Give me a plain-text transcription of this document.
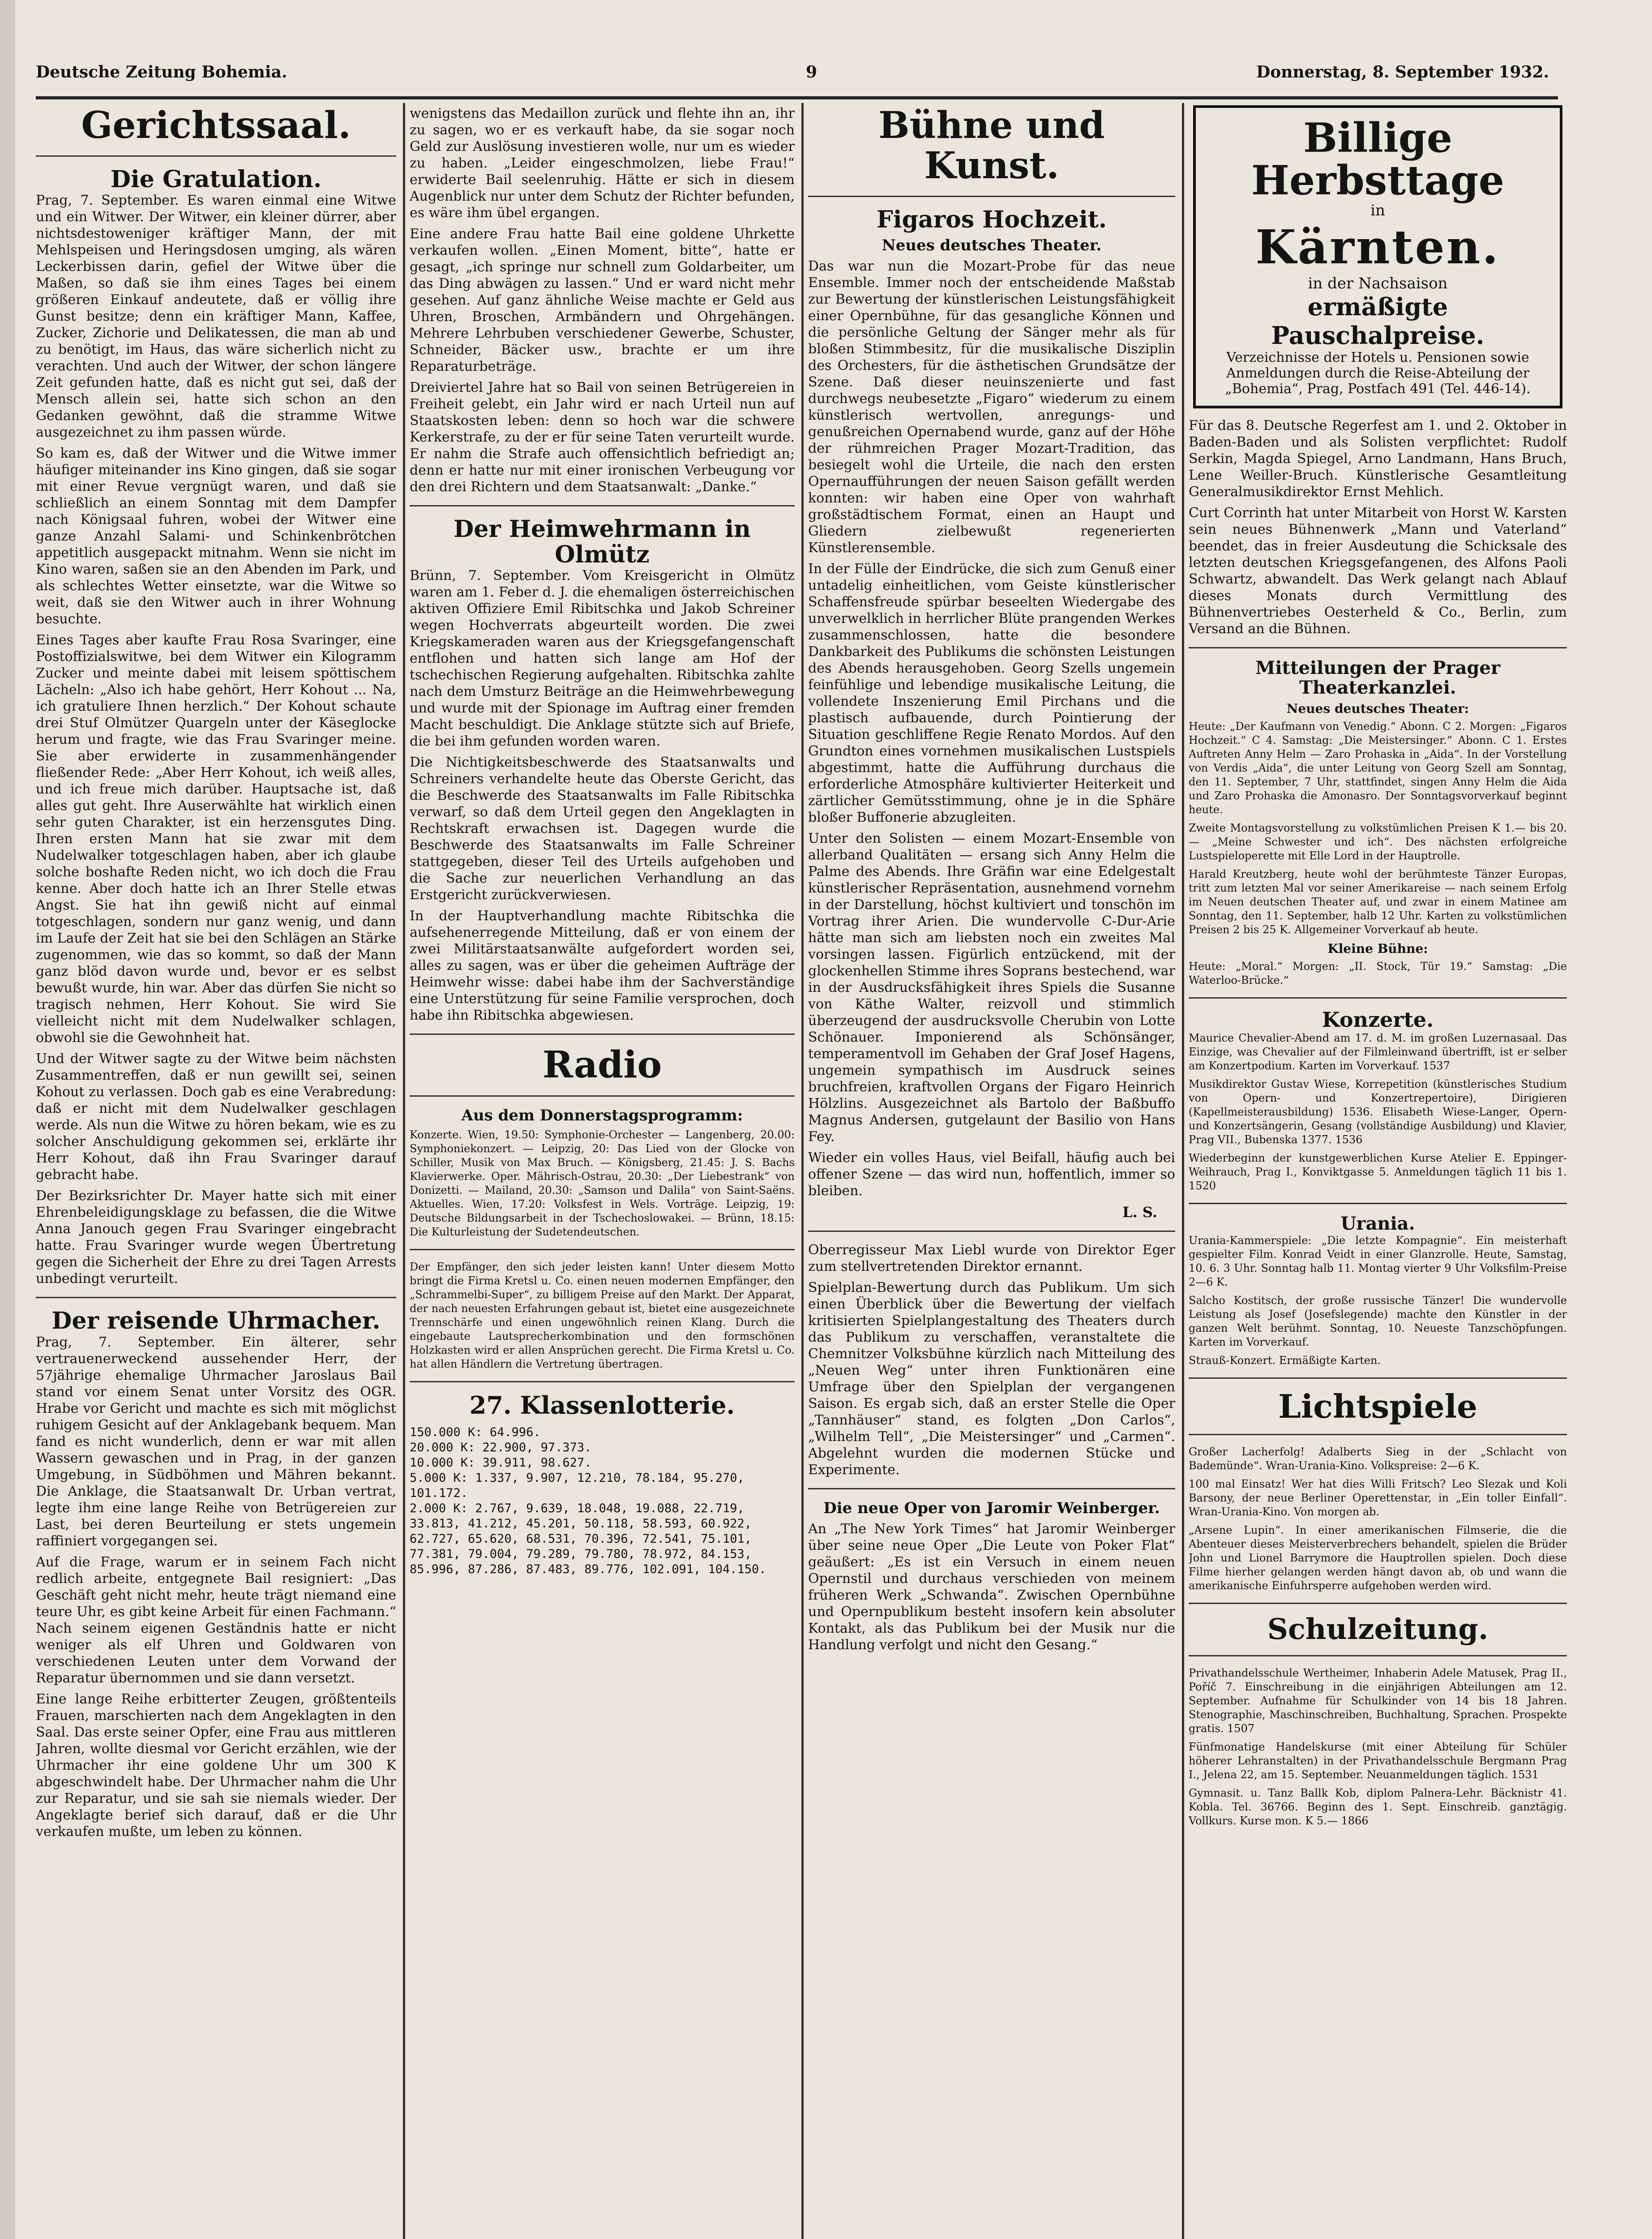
Deutsche Zeitung Bohemia.	9	Donnerstag, 8. September 1932.

Gerichtssaal.

Die Gratulation.

Prag, 7. September. Es waren einmal eine Witwe und ein Witwer. Der Witwer, ein kleiner dürrer, aber nichtsdestoweniger kräftiger Mann, der mit Mehlspeisen und Heringsdosen umging, als wären Leckerbissen darin, gefiel der Witwe über die Maßen, so daß sie ihm eines Tages bei einem größeren Einkauf andeutete, daß er völlig ihre Gunst besitze; denn ein kräftiger Mann, Kaffee, Zucker, Zichorie und Delikatessen, die man ab und zu benötigt, im Haus, das wäre sicherlich nicht zu verachten. Und auch der Witwer, der schon längere Zeit gefunden hatte, daß es nicht gut sei, daß der Mensch allein sei, hatte sich schon an den Gedanken gewöhnt, daß die stramme Witwe ausgezeichnet zu ihm passen würde.

So kam es, daß der Witwer und die Witwe immer häufiger miteinander ins Kino gingen, daß sie sogar mit einer Revue vergnügt waren, und daß sie schließlich an einem Sonntag mit dem Dampfer nach Königsaal fuhren, wobei der Witwer eine ganze Anzahl Salami- und Schinkenbrötchen appetitlich ausgepackt mitnahm. Wenn sie nicht im Kino waren, saßen sie an den Abenden im Park, und als schlechtes Wetter einsetzte, war die Witwe so weit, daß sie den Witwer auch in ihrer Wohnung besuchte.

Eines Tages aber kaufte Frau Rosa Svaringer, eine Postoffizialswitwe, bei dem Witwer ein Kilogramm Zucker und meinte dabei mit leisem spöttischem Lächeln: „Also ich habe gehört, Herr Kohout ... Na, ich gratuliere Ihnen herzlich.“ Der Kohout schaute drei Stuf Olmützer Quargeln unter der Käseglocke herum und fragte, wie das Frau Svaringer meine. Sie aber erwiderte in zusammenhängender fließender Rede: „Aber Herr Kohout, ich weiß alles, und ich freue mich darüber. Hauptsache ist, daß alles gut geht. Ihre Auserwählte hat wirklich einen sehr guten Charakter, ist ein herzensgutes Ding. Ihren ersten Mann hat sie zwar mit dem Nudelwalker totgeschlagen haben, aber ich glaube solche boshafte Reden nicht, wo ich doch die Frau kenne. Aber doch hatte ich an Ihrer Stelle etwas Angst. Sie hat ihn gewiß nicht auf einmal totgeschlagen, sondern nur ganz wenig, und dann im Laufe der Zeit hat sie bei den Schlägen an Stärke zugenommen, wie das so kommt, so daß der Mann ganz blöd davon wurde und, bevor er es selbst bewußt wurde, hin war. Aber das dürfen Sie nicht so tragisch nehmen, Herr Kohout. Sie wird Sie vielleicht nicht mit dem Nudelwalker schlagen, obwohl sie die Gewohnheit hat.

Und der Witwer sagte zu der Witwe beim nächsten Zusammentreffen, daß er nun gewillt sei, seinen Kohout zu verlassen. Doch gab es eine Verabredung: daß er nicht mit dem Nudelwalker geschlagen werde. Als nun die Witwe zu hören bekam, wie es zu solcher Anschuldigung gekommen sei, erklärte ihr Herr Kohout, daß ihn Frau Svaringer darauf gebracht habe.

Der Bezirksrichter Dr. Mayer hatte sich mit einer Ehrenbeleidigungsklage zu befassen, die die Witwe Anna Janouch gegen Frau Svaringer eingebracht hatte. Frau Svaringer wurde wegen Übertretung gegen die Sicherheit der Ehre zu drei Tagen Arrests unbedingt verurteilt.

Der reisende Uhrmacher.

Prag, 7. September. Ein älterer, sehr vertrauenerweckend aussehender Herr, der 57jährige ehemalige Uhrmacher Jaroslaus Bail stand vor einem Senat unter Vorsitz des OGR. Hrabe vor Gericht und machte es sich mit möglichst ruhigem Gesicht auf der Anklagebank bequem. Man fand es nicht wunderlich, denn er war mit allen Wassern gewaschen und in Prag, in der ganzen Umgebung, in Südböhmen und Mähren bekannt. Die Anklage, die Staatsanwalt Dr. Urban vertrat, legte ihm eine lange Reihe von Betrügereien zur Last, bei deren Beurteilung er stets ungemein raffiniert vorgegangen sei.

Auf die Frage, warum er in seinem Fach nicht redlich arbeite, entgegnete Bail resigniert: „Das Geschäft geht nicht mehr, heute trägt niemand eine teure Uhr, es gibt keine Arbeit für einen Fachmann.“ Nach seinem eigenen Geständnis hatte er nicht weniger als elf Uhren und Goldwaren von verschiedenen Leuten unter dem Vorwand der Reparatur übernommen und sie dann versetzt.

Eine lange Reihe erbitterter Zeugen, größtenteils Frauen, marschierten nach dem Angeklagten in den Saal. Das erste seiner Opfer, eine Frau aus mittleren Jahren, wollte diesmal vor Gericht erzählen, wie der Uhrmacher ihr eine goldene Uhr um 300 K abgeschwindelt habe. Der Uhrmacher nahm die Uhr zur Reparatur, und sie sah sie niemals wieder. Der Angeklagte berief sich darauf, daß er die Uhr verkaufen mußte, um leben zu können.

wenigstens das Medaillon zurück und flehte ihn an, ihr zu sagen, wo er es verkauft habe, da sie sogar noch Geld zur Auslösung investieren wolle, nur um es wieder zu haben. „Leider eingeschmolzen, liebe Frau!“ erwiderte Bail seelenruhig. Hätte er sich in diesem Augenblick nur unter dem Schutz der Richter befunden, es wäre ihm übel ergangen.

Eine andere Frau hatte Bail eine goldene Uhrkette verkaufen wollen. „Einen Moment, bitte“, hatte er gesagt, „ich springe nur schnell zum Goldarbeiter, um das Ding abwägen zu lassen.“ Und er ward nicht mehr gesehen. Auf ganz ähnliche Weise machte er Geld aus Uhren, Broschen, Armbändern und Ohrgehängen. Mehrere Lehrbuben verschiedener Gewerbe, Schuster, Schneider, Bäcker usw., brachte er um ihre Reparaturbeträge.

Dreiviertel Jahre hat so Bail von seinen Betrügereien in Freiheit gelebt, ein Jahr wird er nach Urteil nun auf Staatskosten leben: denn so hoch war die schwere Kerkerstrafe, zu der er für seine Taten verurteilt wurde. Er nahm die Strafe auch offensichtlich befriedigt an; denn er hatte nur mit einer ironischen Verbeugung vor den drei Richtern und dem Staatsanwalt: „Danke.“

Der Heimwehrmann in Olmütz

Brünn, 7. September. Vom Kreisgericht in Olmütz waren am 1. Feber d. J. die ehemaligen österreichischen aktiven Offiziere Emil Ribitschka und Jakob Schreiner wegen Hochverrats abgeurteilt worden. Die zwei Kriegskameraden waren aus der Kriegsgefangenschaft entflohen und hatten sich lange am Hof der tschechischen Regierung aufgehalten. Ribitschka zahlte nach dem Umsturz Beiträge an die Heimwehrbewegung und wurde mit der Spionage im Auftrag einer fremden Macht beschuldigt. Die Anklage stützte sich auf Briefe, die bei ihm gefunden worden waren.

Die Nichtigkeitsbeschwerde des Staatsanwalts und Schreiners verhandelte heute das Oberste Gericht, das die Beschwerde des Staatsanwalts im Falle Ribitschka verwarf, so daß dem Urteil gegen den Angeklagten in Rechtskraft erwachsen ist. Dagegen wurde die Beschwerde des Staatsanwalts im Falle Schreiner stattgegeben, dieser Teil des Urteils aufgehoben und die Sache zur neuerlichen Verhandlung an das Erstgericht zurückverwiesen.

In der Hauptverhandlung machte Ribitschka die aufsehenerregende Mitteilung, daß er von einem der zwei Militärstaatsanwälte aufgefordert worden sei, alles zu sagen, was er über die geheimen Aufträge der Heimwehr wisse: dabei habe ihm der Sachverständige eine Unterstützung für seine Familie versprochen, doch habe ihn Ribitschka abgewiesen.

Radio

Aus dem Donnerstagsprogramm:

Konzerte. Wien, 19.50: Symphonie-Orchester — Langenberg, 20.00: Symphoniekonzert. — Leipzig, 20: Das Lied von der Glocke von Schiller, Musik von Max Bruch. — Königsberg, 21.45: J. S. Bachs Klavierwerke. Oper. Mährisch-Ostrau, 20.30: „Der Liebestrank“ von Donizetti. — Mailand, 20.30: „Samson und Dalila“ von Saint-Saëns. Aktuelles. Wien, 17.20: Volksfest in Wels. Vorträge. Leipzig, 19: Deutsche Bildungsarbeit in der Tschechoslowakei. — Brünn, 18.15: Die Kulturleistung der Sudetendeutschen.

Der Empfänger, den sich jeder leisten kann! Unter diesem Motto bringt die Firma Kretsl u. Co. einen neuen modernen Empfänger, den „Schrammelbi-Super“, zu billigem Preise auf den Markt. Der Apparat, der nach neuesten Erfahrungen gebaut ist, bietet eine ausgezeichnete Trennschärfe und einen ungewöhnlich reinen Klang. Durch die eingebaute Lautsprecherkombination und den formschönen Holzkasten wird er allen Ansprüchen gerecht. Die Firma Kretsl u. Co. hat allen Händlern die Vertretung übertragen.

27. Klassenlotterie.

150.000 K: 64.996.

20.000 K: 22.900, 97.373.

10.000 K: 39.911, 98.627.

5.000 K: 1.337, 9.907, 12.210, 78.184, 95.270,

101.172.

2.000 K: 2.767, 9.639, 18.048, 19.088, 22.719,

33.813, 41.212, 45.201, 50.118, 58.593, 60.922,

62.727, 65.620, 68.531, 70.396, 72.541, 75.101,

77.381, 79.004, 79.289, 79.780, 78.972, 84.153,

85.996, 87.286, 87.483, 89.776, 102.091, 104.150.

Bühne und Kunst.

Figaros Hochzeit.

Neues deutsches Theater.

Das war nun die Mozart-Probe für das neue Ensemble. Immer noch der entscheidende Maßstab zur Bewertung der künstlerischen Leistungsfähigkeit einer Opernbühne, für das gesangliche Können und die persönliche Geltung der Sänger mehr als für bloßen Stimmbesitz, für die musikalische Disziplin des Orchesters, für die ästhetischen Grundsätze der Szene. Daß dieser neuinszenierte und fast durchwegs neubesetzte „Figaro“ wiederum zu einem künstlerisch wertvollen, anregungs- und genußreichen Opernabend wurde, ganz auf der Höhe der rühmreichen Prager Mozart-Tradition, das besiegelt wohl die Urteile, die nach den ersten Opernaufführungen der neuen Saison gefällt werden konnten: wir haben eine Oper von wahrhaft großstädtischem Format, einen an Haupt und Gliedern zielbewußt regenerierten Künstlerensemble.

In der Fülle der Eindrücke, die sich zum Genuß einer untadelig einheitlichen, vom Geiste künstlerischer Schaffensfreude spürbar beseelten Wiedergabe des unverwelklich in herrlicher Blüte prangenden Werkes zusammenschlossen, hatte die besondere Dankbarkeit des Publikums die schönsten Leistungen des Abends herausgehoben. Georg Szells ungemein feinfühlige und lebendige musikalische Leitung, die vollendete Inszenierung Emil Pirchans und die plastisch aufbauende, durch Pointierung der Situation geschliffene Regie Renato Mordos. Auf den Grundton eines vornehmen musikalischen Lustspiels abgestimmt, hatte die Aufführung durchaus die erforderliche Atmosphäre kultivierter Heiterkeit und zärtlicher Gemütsstimmung, ohne je in die Sphäre bloßer Buffonerie abzugleiten.

Unter den Solisten — einem Mozart-Ensemble von allerband Qualitäten — ersang sich Anny Helm die Palme des Abends. Ihre Gräfin war eine Edelgestalt künstlerischer Repräsentation, ausnehmend vornehm in der Darstellung, höchst kultiviert und tonschön im Vortrag ihrer Arien. Die wundervolle C-Dur-Arie hätte man sich am liebsten noch ein zweites Mal vorsingen lassen. Figürlich entzückend, mit der glockenhellen Stimme ihres Soprans bestechend, war in der Ausdrucksfähigkeit ihres Spiels die Susanne von Käthe Walter, reizvoll und stimmlich überzeugend der ausdrucksvolle Cherubin von Lotte Schönauer. Imponierend als Schönsänger, temperamentvoll im Gehaben der Graf Josef Hagens, ungemein sympathisch im Ausdruck seines bruchfreien, kraftvollen Organs der Figaro Heinrich Hölzlins. Ausgezeichnet als Bartolo der Baßbuffo Magnus Andersen, gutgelaunt der Basilio von Hans Fey.

Wieder ein volles Haus, viel Beifall, häufig auch bei offener Szene — das wird nun, hoffentlich, immer so bleiben.

L. S.

Oberregisseur Max Liebl wurde von Direktor Eger zum stellvertretenden Direktor ernannt.

Spielplan-Bewertung durch das Publikum. Um sich einen Überblick über die Bewertung der vielfach kritisierten Spielplangestaltung des Theaters durch das Publikum zu verschaffen, veranstaltete die Chemnitzer Volksbühne kürzlich nach Mitteilung des „Neuen Weg“ unter ihren Funktionären eine Umfrage über den Spielplan der vergangenen Saison. Es ergab sich, daß an erster Stelle die Oper „Tannhäuser“ stand, es folgten „Don Carlos“, „Wilhelm Tell“, „Die Meistersinger“ und „Carmen“. Abgelehnt wurden die modernen Stücke und Experimente.

Die neue Oper von Jaromir Weinberger.

An „The New York Times“ hat Jaromir Weinberger über seine neue Oper „Die Leute von Poker Flat“ geäußert: „Es ist ein Versuch in einem neuen Opernstil und durchaus verschieden von meinem früheren Werk „Schwanda“. Zwischen Opernbühne und Opernpublikum besteht insofern kein absoluter Kontakt, als das Publikum bei der Musik nur die Handlung verfolgt und nicht den Gesang.“

Billige Herbsttage
in
Kärnten.
in der Nachsaison
ermäßigte Pauschalpreise.
Verzeichnisse der Hotels u. Pensionen sowie Anmeldungen durch die Reise-Abteilung der „Bohemia“, Prag, Postfach 491 (Tel. 446-14).

Für das 8. Deutsche Regerfest am 1. und 2. Oktober in Baden-Baden und als Solisten verpflichtet: Rudolf Serkin, Magda Spiegel, Arno Landmann, Hans Bruch, Lene Weiller-Bruch. Künstlerische Gesamtleitung Generalmusikdirektor Ernst Mehlich.

Curt Corrinth hat unter Mitarbeit von Horst W. Karsten sein neues Bühnenwerk „Mann und Vaterland“ beendet, das in freier Ausdeutung die Schicksale des letzten deutschen Kriegsgefangenen, des Alfons Paoli Schwartz, abwandelt. Das Werk gelangt nach Ablauf dieses Monats durch Vermittlung des Bühnenvertriebes Oesterheld & Co., Berlin, zum Versand an die Bühnen.

Mitteilungen der Prager Theaterkanzlei.

Neues deutsches Theater:

Heute: „Der Kaufmann von Venedig.“ Abonn. C 2. Morgen: „Figaros Hochzeit.“ C 4. Samstag: „Die Meistersinger.“ Abonn. C 1. Erstes Auftreten Anny Helm — Zaro Prohaska in „Aida“. In der Vorstellung von Verdis „Aida“, die unter Leitung von Georg Szell am Sonntag, den 11. September, 7 Uhr, stattfindet, singen Anny Helm die Aida und Zaro Prohaska die Amonasro. Der Sonntagsvorverkauf beginnt heute.

Zweite Montagsvorstellung zu volkstümlichen Preisen K 1.— bis 20.— „Meine Schwester und ich“. Des nächsten erfolgreiche Lustspieloperette mit Elle Lord in der Hauptrolle.

Harald Kreutzberg, heute wohl der berühmteste Tänzer Europas, tritt zum letzten Mal vor seiner Amerikareise — nach seinem Erfolg im Neuen deutschen Theater auf, und zwar in einem Matinee am Sonntag, den 11. September, halb 12 Uhr. Karten zu volkstümlichen Preisen 2 bis 25 K. Allgemeiner Vorverkauf ab heute.

Kleine Bühne:

Heute: „Moral.“ Morgen: „II. Stock, Tür 19.“ Samstag: „Die Waterloo-Brücke.“

Konzerte.

Maurice Chevalier-Abend am 17. d. M. im großen Luzernasaal. Das Einzige, was Chevalier auf der Filmleinwand übertrifft, ist er selber am Konzertpodium. Karten im Vorverkauf. 1537

Musikdirektor Gustav Wiese, Korrepetition (künstlerisches Studium von Opern- und Konzertrepertoire), Dirigieren (Kapellmeisterausbildung) 1536. Elisabeth Wiese-Langer, Opern- und Konzertsängerin, Gesang (vollständige Ausbildung) und Klavier, Prag VII., Bubenska 1377. 1536

Wiederbeginn der kunstgewerblichen Kurse Atelier E. Eppinger-Weihrauch, Prag I., Konviktgasse 5. Anmeldungen täglich 11 bis 1. 1520

Urania.

Urania-Kammerspiele: „Die letzte Kompagnie“. Ein meisterhaft gespielter Film. Konrad Veidt in einer Glanzrolle. Heute, Samstag, 10. 6. 3 Uhr. Sonntag halb 11. Montag vierter 9 Uhr Volksfilm-Preise 2—6 K.

Salcho Kostitsch, der große russische Tänzer! Die wundervolle Leistung als Josef (Josefslegende) machte den Künstler in der ganzen Welt berühmt. Sonntag, 10. Neueste Tanzschöpfungen. Karten im Vorverkauf.

Strauß-Konzert. Ermäßigte Karten.

Lichtspiele

Großer Lacherfolg! Adalberts Sieg in der „Schlacht von Bademünde“. Wran-Urania-Kino. Volkspreise: 2—6 K.

100 mal Einsatz! Wer hat dies Willi Fritsch? Leo Slezak und Koli Barsony, der neue Berliner Operettenstar, in „Ein toller Einfall“. Wran-Urania-Kino. Von morgen ab.

„Arsene Lupin“. In einer amerikanischen Filmserie, die die Abenteuer dieses Meisterverbrechers behandelt, spielen die Brüder John und Lionel Barrymore die Hauptrollen spielen. Doch diese Filme hierher gelangen werden hängt davon ab, ob und wann die amerikanische Einfuhrsperre aufgehoben werden wird.

Schulzeitung.

Privathandelsschule Wertheimer, Inhaberin Adele Matusek, Prag II., Poříč 7. Einschreibung in die einjährigen Abteilungen am 12. September. Aufnahme für Schulkinder von 14 bis 18 Jahren. Stenographie, Maschinschreiben, Buchhaltung, Sprachen. Prospekte gratis. 1507

Fünfmonatige Handelskurse (mit einer Abteilung für Schüler höherer Lehranstalten) in der Privathandelsschule Bergmann Prag I., Jelena 22, am 15. September. Neuanmeldungen täglich. 1531

Gymnasit. u. Tanz Ballk Kob, diplom Palnera-Lehr. Bäcknistr 41. Kobla. Tel. 36766. Beginn des 1. Sept. Einschreib. ganztägig. Vollkurs. Kurse mon. K 5.— 1866
